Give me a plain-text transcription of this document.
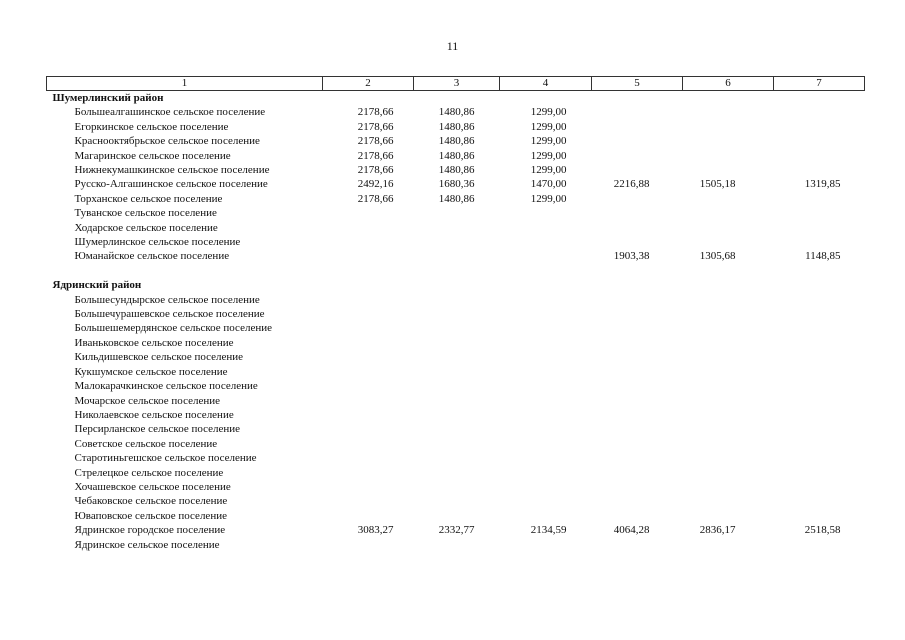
11
1	2	3	4	5	6	7
Шумерлинский район						
Большеалгашинское сельское поселение	2178,66	1480,86	1299,00			
Егоркинское сельское поселение	2178,66	1480,86	1299,00			
Краснооктябрьское сельское поселение	2178,66	1480,86	1299,00			
Магаринское сельское поселение	2178,66	1480,86	1299,00			
Нижнекумашкинское сельское поселение	2178,66	1480,86	1299,00			
Русско-Алгашинское сельское поселение	2492,16	1680,36	1470,00	2216,88	1505,18	1319,85
Торханское сельское поселение	2178,66	1480,86	1299,00			
Туванское сельское поселение						
Ходарское сельское поселение						
Шумерлинское сельское поселение						
Юманайское сельское поселение				1903,38	1305,68	1148,85

Ядринский район						
Большесундырское сельское поселение						
Большечурашевское сельское поселение						
Большешемердянское сельское поселение						
Иваньковское сельское поселение						
Кильдишевское сельское поселение						
Кукшумское сельское поселение						
Малокарачкинское сельское поселение						
Мочарское сельское поселение						
Николаевское сельское поселение						
Персирланское сельское поселение						
Советское сельское поселение						
Старотиньгешское сельское поселение						
Стрелецкое сельское поселение						
Хочашевское сельское поселение						
Чебаковское сельское поселение						
Юваповское сельское поселение						
Ядринское городское поселение	3083,27	2332,77	2134,59	4064,28	2836,17	2518,58
Ядринское сельское поселение						
